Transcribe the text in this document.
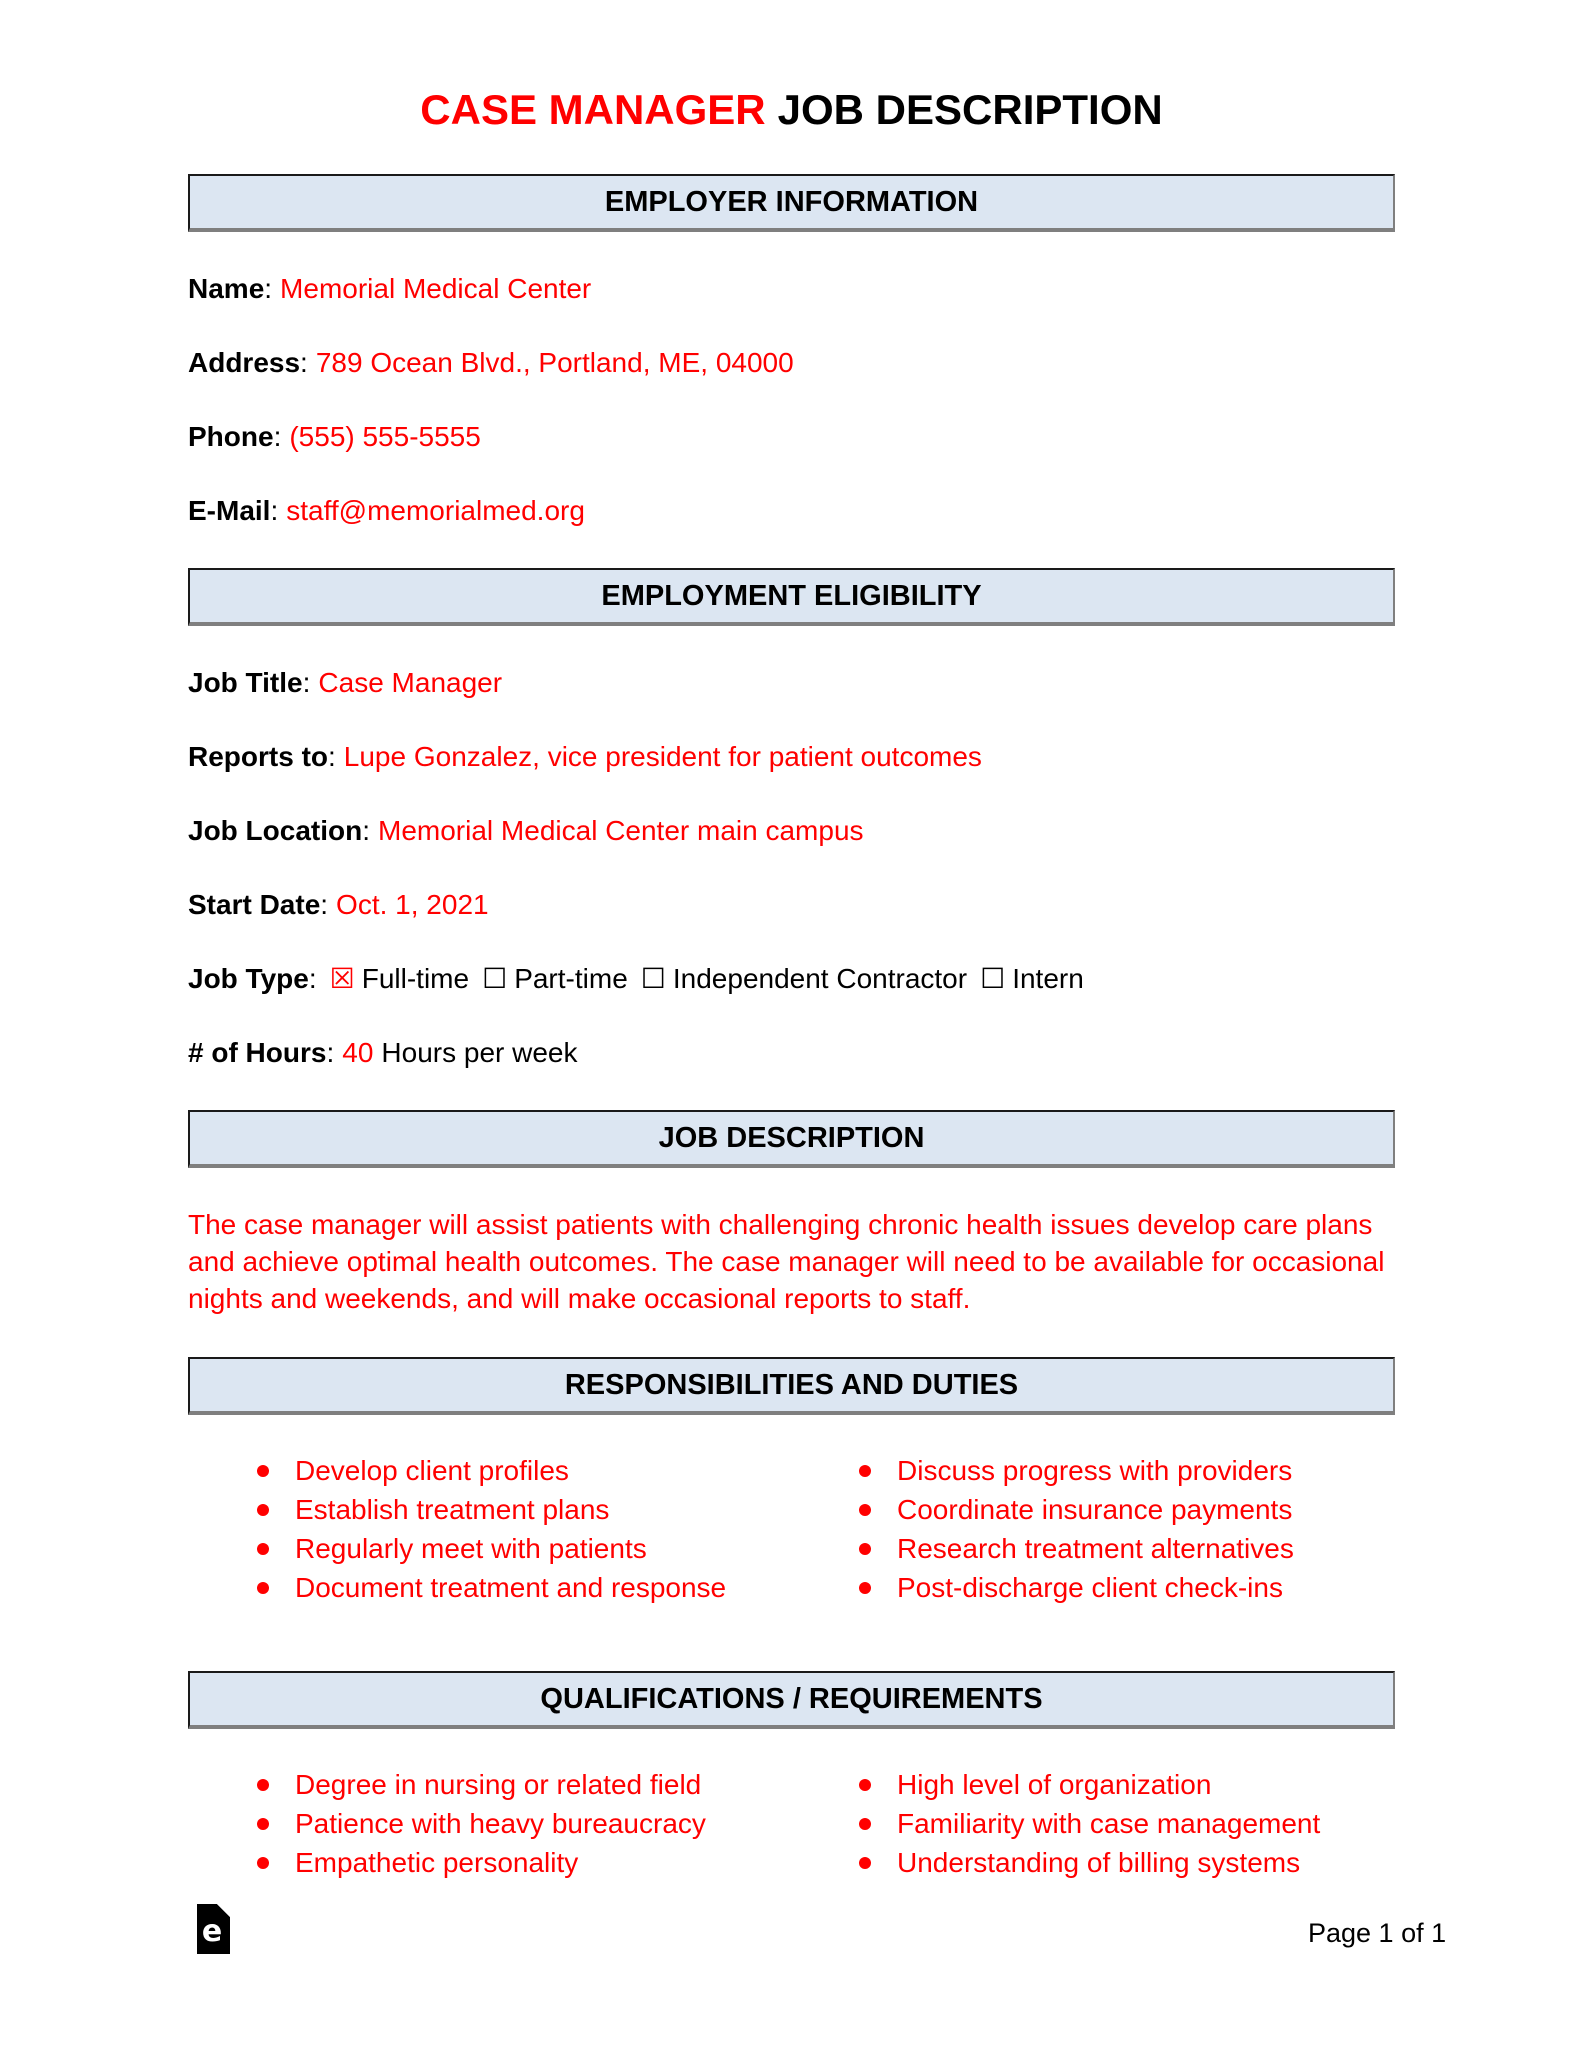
CASE MANAGER JOB DESCRIPTION
EMPLOYER INFORMATION

Name: Memorial Medical Center

Address: 789 Ocean Blvd., Portland, ME, 04000

Phone: (555) 555-5555

E-Mail: staff@memorialmed.org

EMPLOYMENT ELIGIBILITY

Job Title: Case Manager

Reports to: Lupe Gonzalez, vice president for patient outcomes

Job Location: Memorial Medical Center main campus

Start Date: Oct. 1, 2021

Job Type: ☒ Full-time ☐ Part-time ☐ Independent Contractor ☐ Intern

# of Hours: 40 Hours per week

JOB DESCRIPTION

The case manager will assist patients with challenging chronic health issues develop care plans and achieve optimal health outcomes. The case manager will need to be available for occasional nights and weekends, and will make occasional reports to staff.

RESPONSIBILITIES AND DUTIES
Develop client profiles
Establish treatment plans
Regularly meet with patients
Document treatment and response
Discuss progress with providers
Coordinate insurance payments
Research treatment alternatives
Post-discharge client check-ins
QUALIFICATIONS / REQUIREMENTS
Degree in nursing or related field
Patience with heavy bureaucracy
Empathetic personality
High level of organization
Familiarity with case management
Understanding of billing systems
e	Page 1 of 1
